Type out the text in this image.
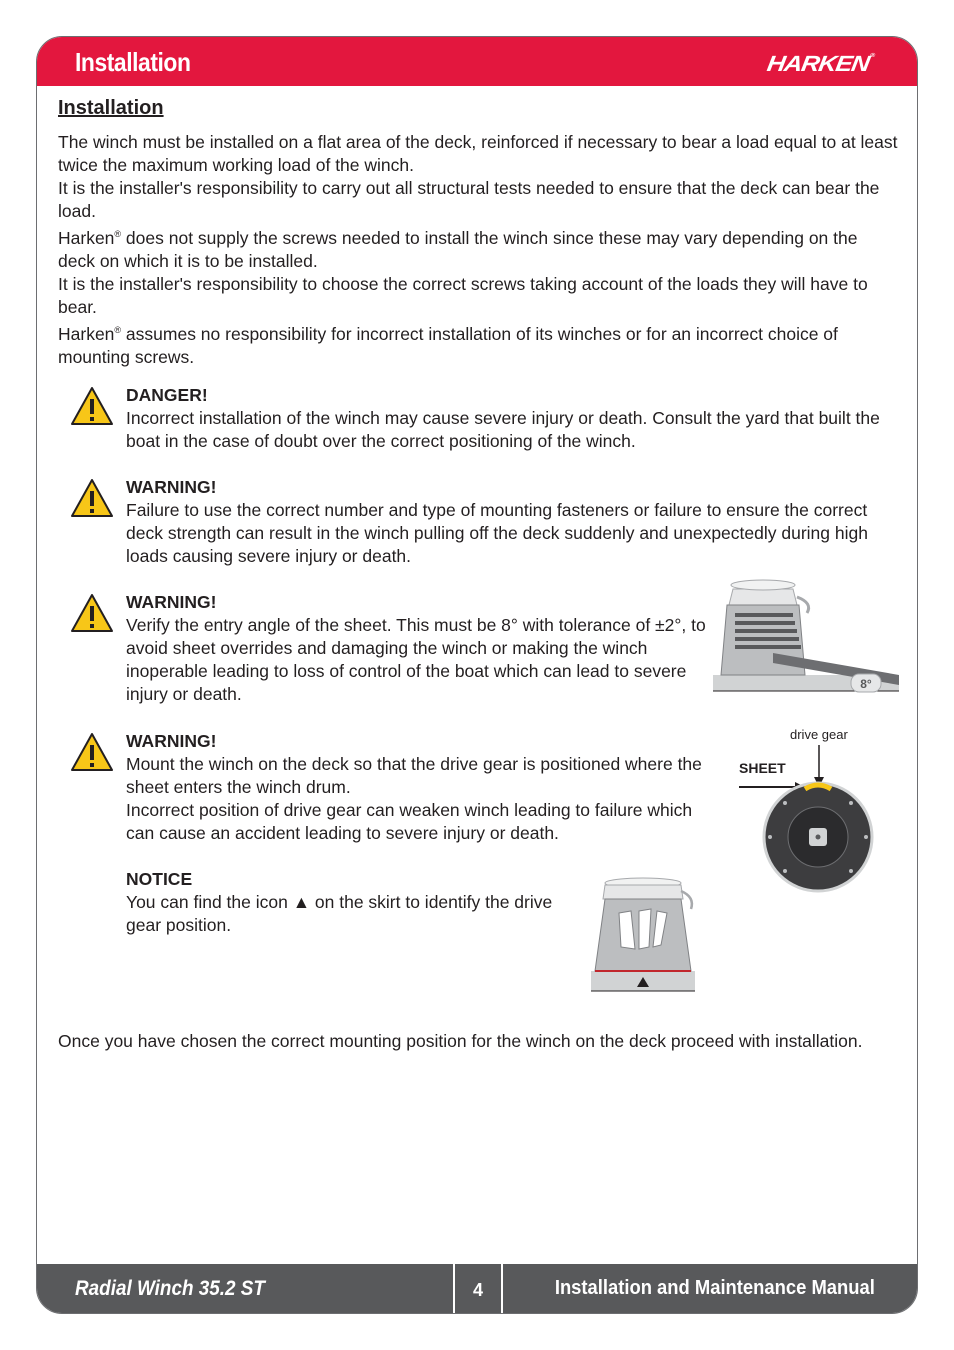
Installation	HARKEN®
Installation

The winch must be installed on a flat area of the deck, reinforced if necessary to bear a load equal to at least twice the maximum working load of the winch.

It is the installer's responsibility to carry out all structural tests needed to ensure that the deck can bear the load.

Harken® does not supply the screws needed to install the winch since these may vary depending on the deck on which it is to be installed.

It is the installer's responsibility to choose the correct screws taking account of the loads they will have to bear.

Harken® assumes no responsibility for incorrect installation of its winches or for an incorrect choice of mounting screws.

DANGER!
Incorrect installation of the winch may cause severe injury or death. Consult the yard that built the boat in the case of doubt over the correct positioning of the winch.
WARNING!
Failure to use the correct number and type of mounting fasteners or failure to ensure the correct deck strength can result in the winch pulling off the deck suddenly and unexpectedly during high loads causing severe injury or death.
WARNING!
Verify the entry angle of the sheet. This must be 8° with tolerance of ±2°, to avoid sheet overrides and damaging the winch or making the winch inoperable leading to loss of control of the boat which can lead to severe injury or death.
WARNING!
Mount the winch on the deck so that the drive gear is positioned where the sheet enters the winch drum.
Incorrect position of drive gear can weaken winch leading to failure which can cause an accident leading to severe injury or death.
NOTICE
You can find the icon ▲ on the skirt to identify the drive gear position.
8°
drive gear
SHEET
Once you have chosen the correct mounting position for the winch on the deck proceed with installation.
Radial Winch 35.2 ST	4	Installation and Maintenance Manual
